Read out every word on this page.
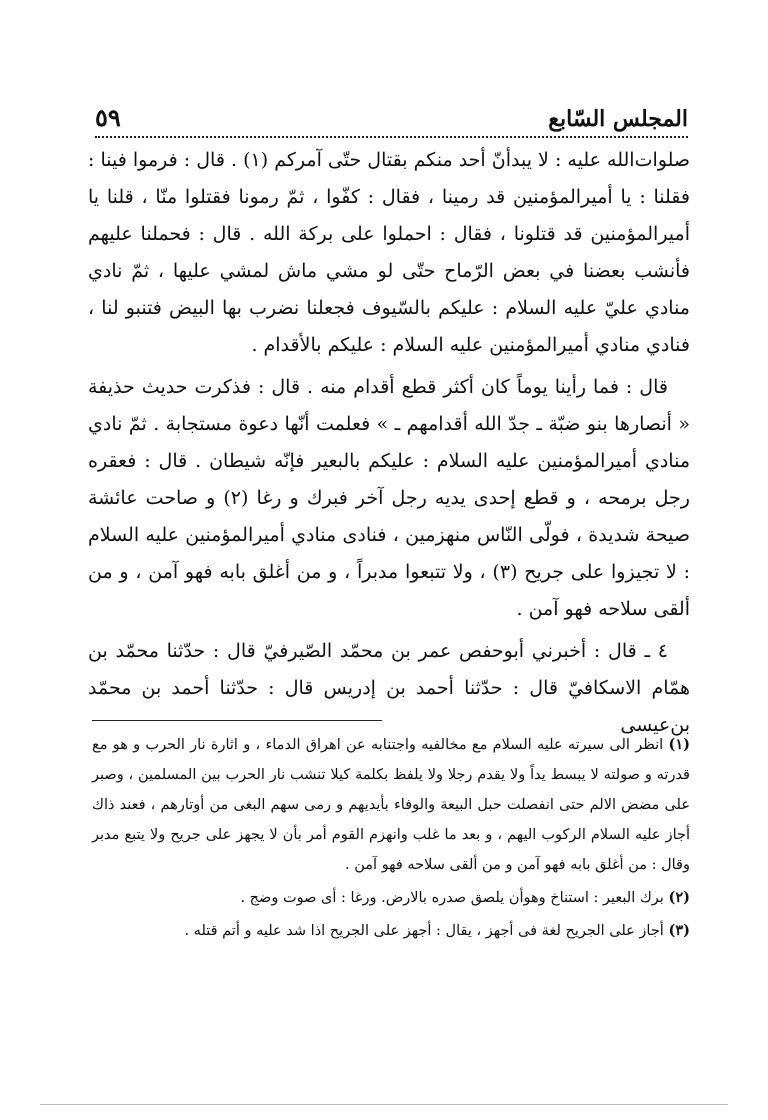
المجلس السّابع
٥٩

صلوات‌الله عليه : لا يبدأنّ أحد منكم بقتال حتّى آمركم (١) . قال : فرموا فينا : فقلنا : يا أميرالمؤمنين قد رمينا ، فقال : كفّوا ، ثمّ رمونا فقتلوا منّا ، قلنا يا أميرالمؤمنين قد قتلونا ، فقال : احملوا على بركة الله . قال : فحملنا عليهم فأنشب بعضنا في بعض الرّماح حتّى لو مشي ماش لمشي عليها ، ثمّ نادي منادي عليّ عليه السلام : عليكم بالسّيوف فجعلنا نضرب بها البيض فتنبو لنا ، فنادي منادي أميرالمؤمنين عليه السلام : عليكم بالأقدام .

قال : فما رأينا يوماً كان أكثر قطع أقدام منه . قال : فذكرت حديث حذيفة « أنصارها بنو ضبّة ـ جدّ الله أقدامهم ـ » فعلمت أنّها دعوة مستجابة . ثمّ نادي منادي أميرالمؤمنين عليه السلام : عليكم بالبعير فإنّه شيطان . قال : فعقره رجل برمحه ، و قطع إحدى يديه رجل آخر فبرك و رغا (٢) و صاحت عائشة صيحة شديدة ، فولّى النّاس منهزمين ، فنادى منادي أميرالمؤمنين عليه السلام : لا تجيزوا على جريح (٣) ، ولا تتبعوا مدبراً ، و من أغلق بابه فهو آمن ، و من ألقى سلاحه فهو آمن .

٤ ـ قال : أخبرني أبوحفص عمر بن محمّد الصّيرفيّ قال : حدّثنا محمّد بن همّام الاسكافيّ قال : حدّثنا أحمد بن إدريس قال : حدّثنا أحمد بن محمّد بن‌عيسى

(١) انظر الى سيرته عليه السلام مع مخالفيه واجتنابه عن اهراق الدماء ، و اثارة نار الحرب و هو مع قدرته و صولته لا يبسط يداً ولا يقدم رجلا ولا يلفظ بكلمة كيلا تنشب نار الحرب بين المسلمين ، وصبر على مضض الالم حتى انفصلت حبل البيعة والوفاء بأيديهم و رمى سهم البغى من أوتارهم ، فعند ذاك أجاز عليه السلام الركوب اليهم ، و بعد ما غلب وانهزم القوم أمر بأن لا يجهز على جريح ولا يتبع مدبر وقال : من أغلق بابه فهو آمن و من ألقى سلاحه فهو آمن .

(٢) برك البعير : استناخ وهوأن يلصق صدره بالارض. ورغا : أى صوت وضج .

(٣) أجاز على الجريح لغة فى أجهز ، يقال : أجهز على الجريح اذا شد عليه و أتم قتله .
